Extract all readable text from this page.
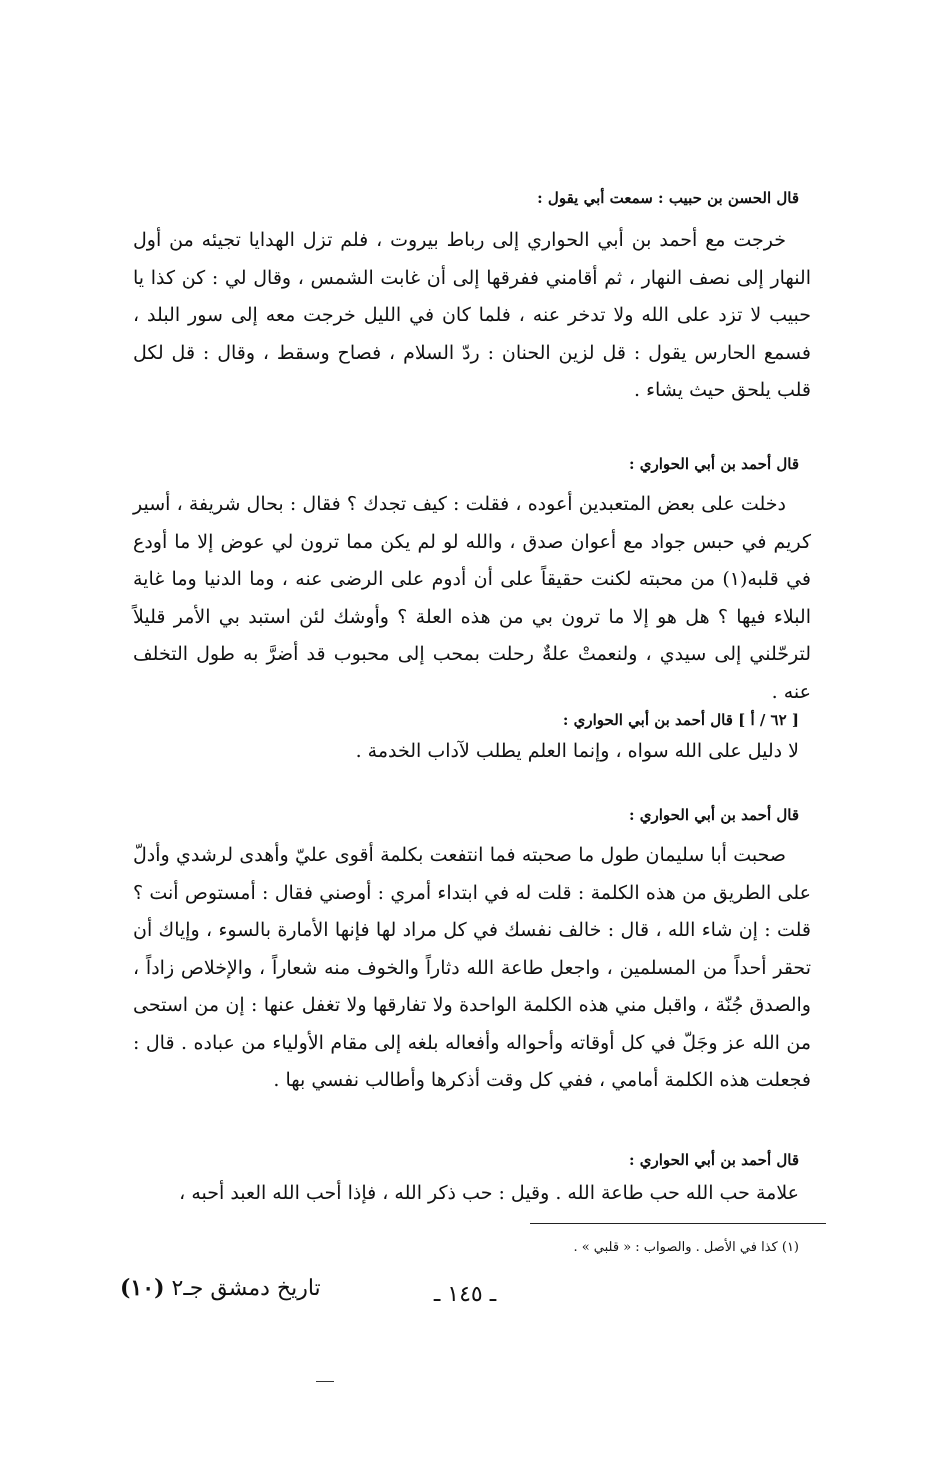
قال الحسن بن حبيب : سمعت أبي يقول :
خرجت مع أحمد بن أبي الحواري إلى رباط بيروت ، فلم تزل الهدايا تجيئه من أول النهار إلى نصف النهار ، ثم أقامني ففرقها إلى أن غابت الشمس ، وقال لي : كن كذا يا حبيب لا تزد على الله ولا تدخر عنه ، فلما كان في الليل خرجت معه إلى سور البلد ، فسمع الحارس يقول : قل لزين الحنان : ردّ السلام ، فصاح وسقط ، وقال : قل لكل قلب يلحق حيث يشاء .
قال أحمد بن أبي الحواري :
دخلت على بعض المتعبدين أعوده ، فقلت : كيف تجدك ؟ فقال : بحال شريفة ، أسير كريم في حبس جواد مع أعوان صدق ، والله لو لم يكن مما ترون لي عوض إلا ما أودع في قلبه(١) من محبته لكنت حقيقاً على أن أدوم على الرضى عنه ، وما الدنيا وما غاية البلاء فيها ؟ هل هو إلا ما ترون بي من هذه العلة ؟ وأوشك لئن استبد بي الأمر قليلاً لترحّلني إلى سيدي ، ولنعمتْ علةٌ رحلت بمحب إلى محبوب قد أضرَّ به طول التخلف عنه .
[ ٦٢ / أ ] قال أحمد بن أبي الحواري :
لا دليل على الله سواه ، وإنما العلم يطلب لآداب الخدمة .
قال أحمد بن أبي الحواري :
صحبت أبا سليمان طول ما صحبته فما انتفعت بكلمة أقوى عليّ وأهدى لرشدي وأدلّ على الطريق من هذه الكلمة : قلت له في ابتداء أمري : أوصني فقال : أمستوص أنت ؟ قلت : إن شاء الله ، قال : خالف نفسك في كل مراد لها فإنها الأمارة بالسوء ، وإياك أن تحقر أحداً من المسلمين ، واجعل طاعة الله دثاراً والخوف منه شعاراً ، والإخلاص زاداً ، والصدق جُنّة ، واقبل مني هذه الكلمة الواحدة ولا تفارقها ولا تغفل عنها : إن من استحى من الله عز وجَلّ في كل أوقاته وأحواله وأفعاله بلغه إلى مقام الأولياء من عباده . قال : فجعلت هذه الكلمة أمامي ، ففي كل وقت أذكرها وأطالب نفسي بها .
قال أحمد بن أبي الحواري :
علامة حب الله حب طاعة الله . وقيل : حب ذكر الله ، فإذا أحب الله العبد أحبه ،
(١) كذا في الأصل . والصواب : « قلبي » .
ـ ١٤٥ ـ
تاريخ دمشق جـ٢ (١٠)
